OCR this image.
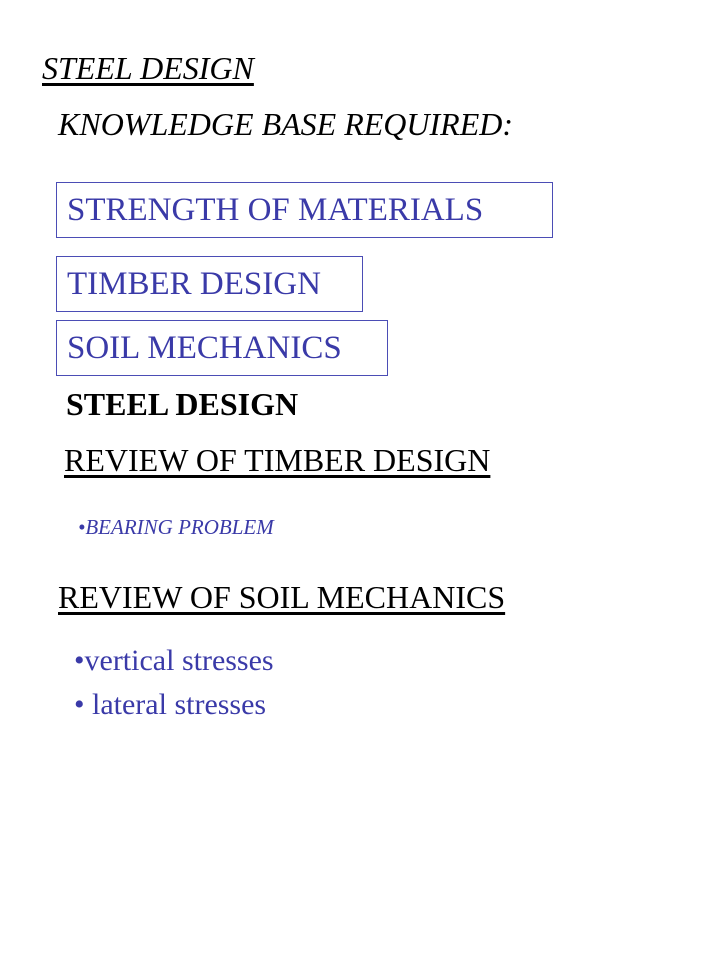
STEEL DESIGN
KNOWLEDGE BASE REQUIRED:
STRENGTH OF MATERIALS
TIMBER DESIGN
SOIL MECHANICS
STEEL DESIGN
REVIEW OF TIMBER DESIGN
•BEARING PROBLEM
REVIEW OF SOIL MECHANICS
•vertical stresses
• lateral stresses
